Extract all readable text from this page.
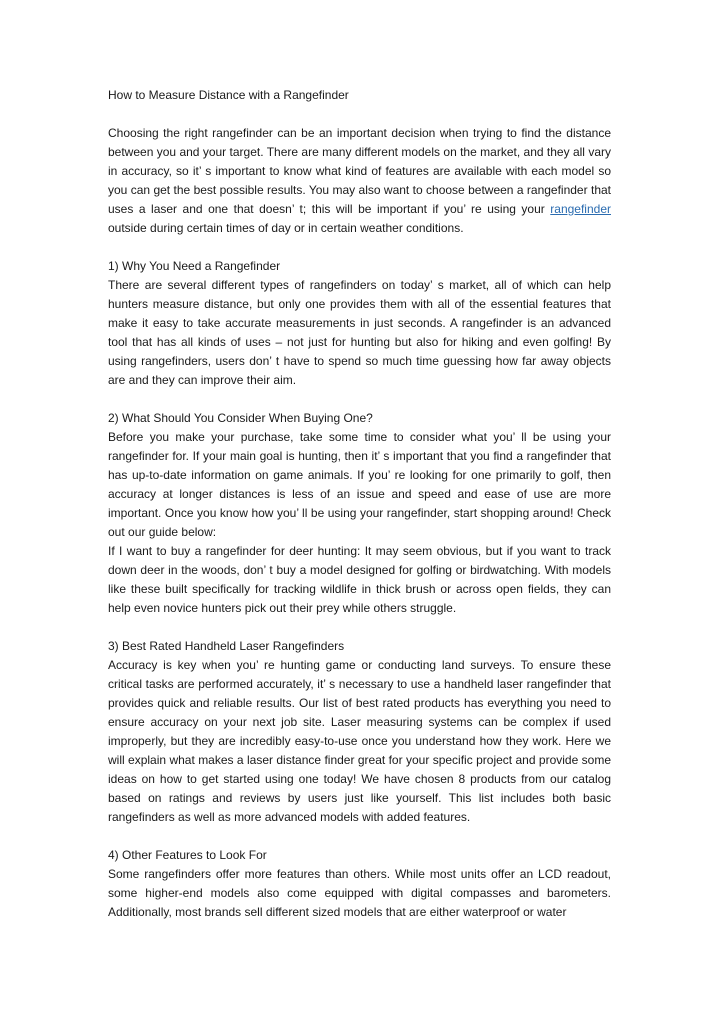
How to Measure Distance with a Rangefinder

Choosing the right rangefinder can be an important decision when trying to find the distance between you and your target. There are many different models on the market, and they all vary in accuracy, so it’ s important to know what kind of features are available with each model so you can get the best possible results. You may also want to choose between a rangefinder that uses a laser and one that doesn’ t; this will be important if you’ re using your rangefinder outside during certain times of day or in certain weather conditions.

1) Why You Need a Rangefinder

There are several different types of rangefinders on today’ s market, all of which can help hunters measure distance, but only one provides them with all of the essential features that make it easy to take accurate measurements in just seconds. A rangefinder is an advanced tool that has all kinds of uses – not just for hunting but also for hiking and even golfing! By using rangefinders, users don’ t have to spend so much time guessing how far away objects are and they can improve their aim.

2) What Should You Consider When Buying One?

Before you make your purchase, take some time to consider what you’ ll be using your rangefinder for. If your main goal is hunting, then it’ s important that you find a rangefinder that has up-to-date information on game animals. If you’ re looking for one primarily to golf, then accuracy at longer distances is less of an issue and speed and ease of use are more important. Once you know how you’ ll be using your rangefinder, start shopping around! Check out our guide below:

If I want to buy a rangefinder for deer hunting: It may seem obvious, but if you want to track down deer in the woods, don’ t buy a model designed for golfing or birdwatching. With models like these built specifically for tracking wildlife in thick brush or across open fields, they can help even novice hunters pick out their prey while others struggle.

3) Best Rated Handheld Laser Rangefinders

Accuracy is key when you’ re hunting game or conducting land surveys. To ensure these critical tasks are performed accurately, it’ s necessary to use a handheld laser rangefinder that provides quick and reliable results. Our list of best rated products has everything you need to ensure accuracy on your next job site. Laser measuring systems can be complex if used improperly, but they are incredibly easy-to-use once you understand how they work. Here we will explain what makes a laser distance finder great for your specific project and provide some ideas on how to get started using one today! We have chosen 8 products from our catalog based on ratings and reviews by users just like yourself. This list includes both basic rangefinders as well as more advanced models with added features.

4) Other Features to Look For

Some rangefinders offer more features than others. While most units offer an LCD readout, some higher-end models also come equipped with digital compasses and barometers. Additionally, most brands sell different sized models that are either waterproof or water
